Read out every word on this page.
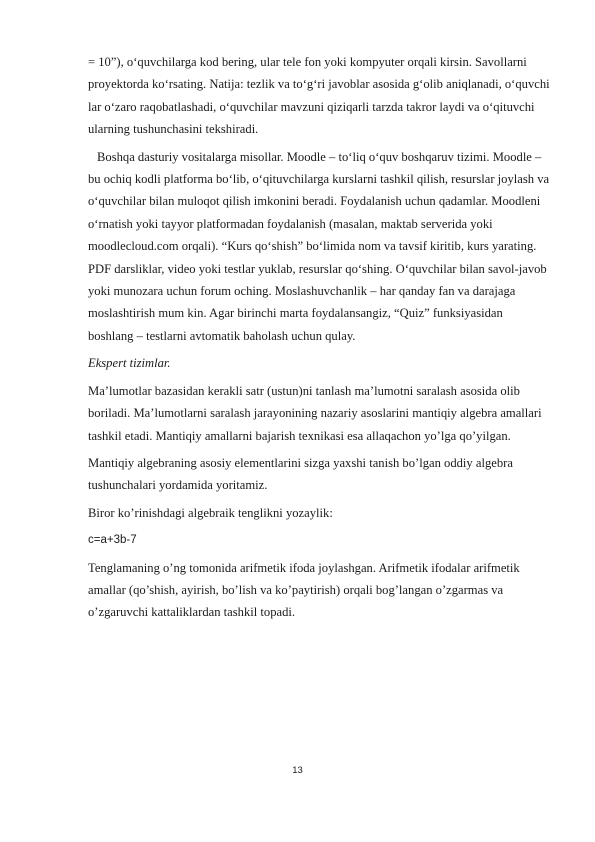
= 10”), o‘quvchilarga kod bering, ular tele fon yoki kompyuter orqali kirsin. Savollarni proyektorda ko‘rsating. Natija: tezlik va to‘g‘ri javoblar asosida g‘olib aniqlanadi, o‘quvchi lar o‘zaro raqobatlashadi, o‘quvchilar mavzuni qiziqarli tarzda takror laydi va o‘qituvchi ularning tushunchasini tekshiradi.

Boshqa dasturiy vositalarga misollar. Moodle – to‘liq o‘quv boshqaruv tizimi. Moodle – bu ochiq kodli platforma bo‘lib, o‘qituvchilarga kurslarni tashkil qilish, resurslar joylash va o‘quvchilar bilan muloqot qilish imkonini beradi. Foydalanish uchun qadamlar. Moodleni o‘rnatish yoki tayyor platformadan foydalanish (masalan, maktab serverida yoki moodlecloud.com orqali). “Kurs qo‘shish” bo‘limida nom va tavsif kiritib, kurs yarating. PDF darsliklar, video yoki testlar yuklab, resurslar qo‘shing. O‘quvchilar bilan savol-javob yoki munozara uchun forum oching. Moslashuvchanlik – har qanday fan va darajaga moslashtirish mum kin. Agar birinchi marta foydalansangiz, “Quiz” funksiyasidan boshlang – testlarni avtomatik baholash uchun qulay.

Ekspert tizimlar.

Ma’lumotlar bazasidan kerakli satr (ustun)ni tanlash ma’lumotni saralash asosida olib boriladi. Ma’lumotlarni saralash jarayonining nazariy asoslarini mantiqiy algebra amallari tashkil etadi. Mantiqiy amallarni bajarish texnikasi esa allaqachon yo’lga qo’yilgan.

Mantiqiy algebraning asosiy elementlarini sizga yaxshi tanish bo’lgan oddiy algebra tushunchalari yordamida yoritamiz.

Biror ko’rinishdagi algebraik tenglikni yozaylik:

c=a+3b-7

Tenglamaning o’ng tomonida arifmetik ifoda joylashgan. Arifmetik ifodalar arifmetik amallar (qo’shish, ayirish, bo’lish va ko’paytirish) orqali bog’langan o’zgarmas va o’zgaruvchi kattaliklardan tashkil topadi.

13
